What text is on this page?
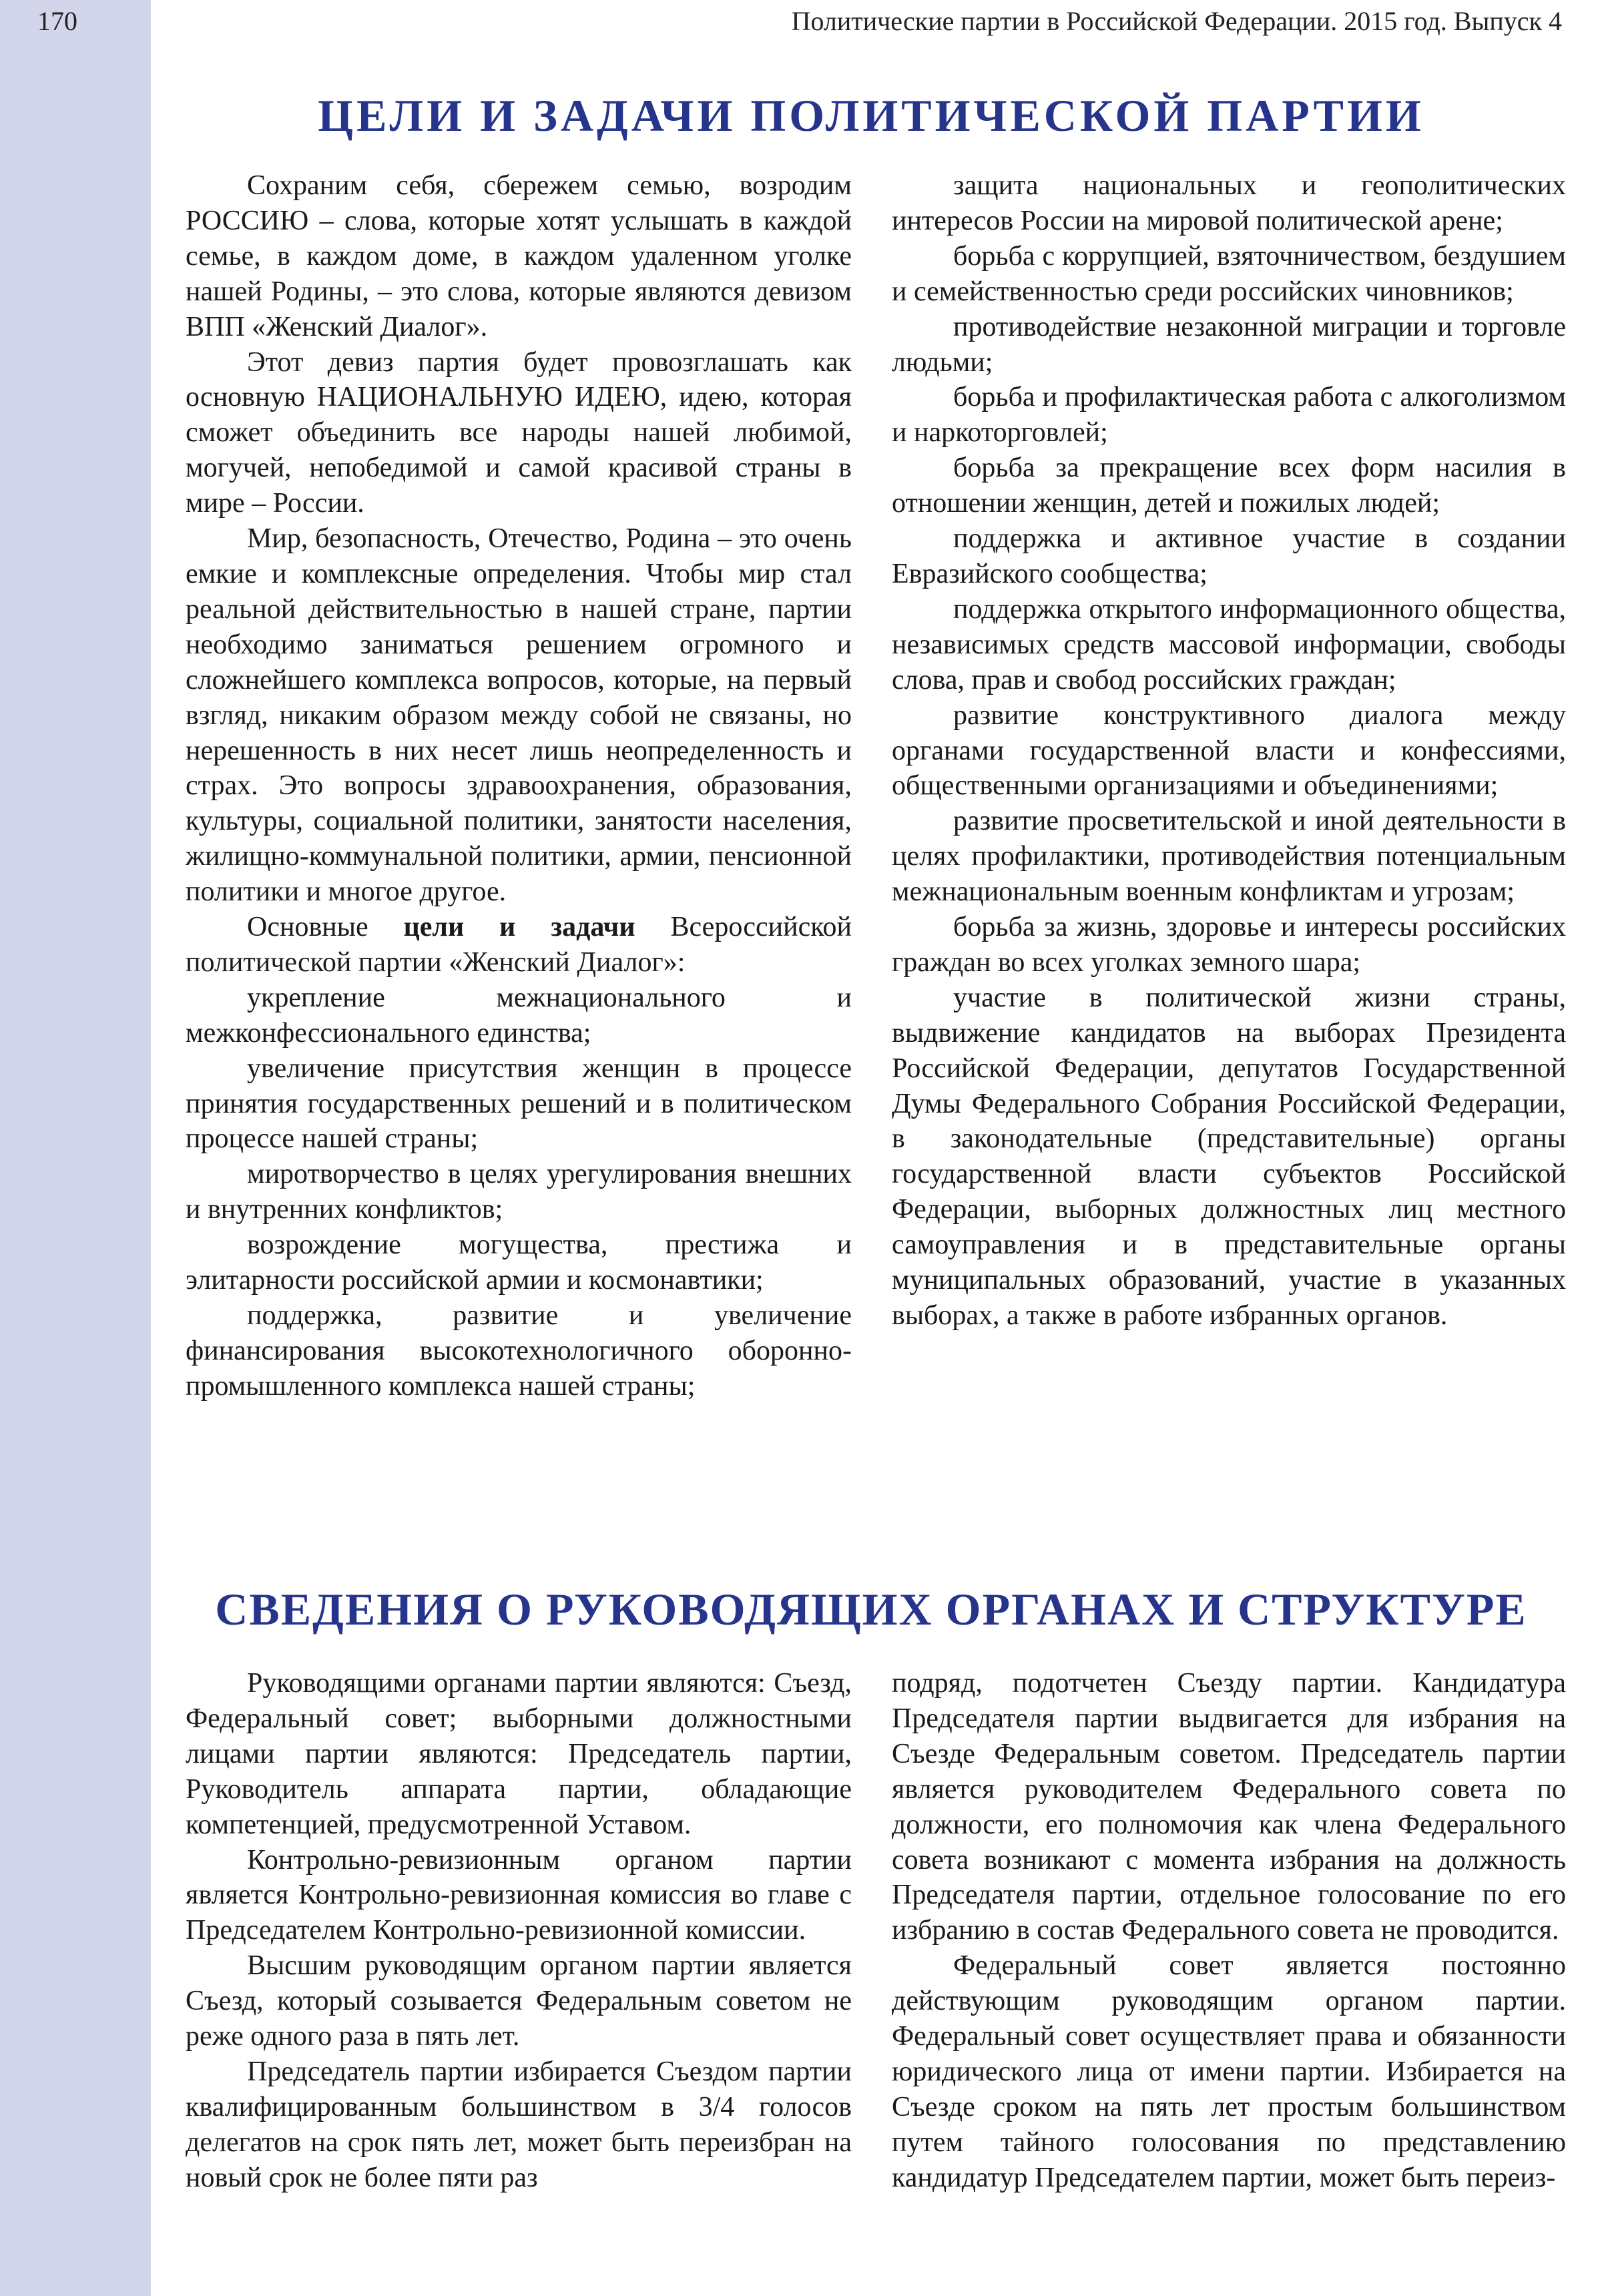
170	Политические партии в Российской Федерации. 2015 год. Выпуск 4
ЦЕЛИ И ЗАДАЧИ ПОЛИТИЧЕСКОЙ ПАРТИИ

Сохраним себя, сбережем семью, возродим РОССИЮ – слова, которые хотят услышать в каждой семье, в каждом доме, в каждом удаленном уголке нашей Родины, – это слова, которые являются девизом ВПП «Женский Диалог».

Этот девиз партия будет провозглашать как основную НАЦИОНАЛЬНУЮ ИДЕЮ, идею, которая сможет объединить все народы нашей любимой, могучей, непобедимой и самой красивой страны в мире – России.

Мир, безопасность, Отечество, Родина – это очень емкие и комплексные определения. Чтобы мир стал реальной действительностью в нашей стране, партии необходимо заниматься решением огромного и сложнейшего комплекса вопросов, которые, на первый взгляд, никаким образом между собой не связаны, но нерешенность в них несет лишь неопределенность и страх. Это вопросы здравоохранения, образования, культуры, социальной политики, занятости населения, жилищно-коммунальной политики, армии, пенсионной политики и многое другое.

Основные цели и задачи Всероссийской политической партии «Женский Диалог»:

укрепление межнационального и межконфессионального единства;

увеличение присутствия женщин в процессе принятия государственных решений и в политическом процессе нашей страны;

миротворчество в целях урегулирования внешних и внутренних конфликтов;

возрождение могущества, престижа и элитарности российской армии и космонавтики;

поддержка, развитие и увеличение финансирования высокотехнологичного оборонно-промышленного комплекса нашей страны;

защита национальных и геополитических интересов России на мировой политической арене;

борьба с коррупцией, взяточничеством, бездушием и семейственностью среди российских чиновников;

противодействие незаконной миграции и торговле людьми;

борьба и профилактическая работа с алкоголизмом и наркоторговлей;

борьба за прекращение всех форм насилия в отношении женщин, детей и пожилых людей;

поддержка и активное участие в создании Евразийского сообщества;

поддержка открытого информационного общества, независимых средств массовой информации, свободы слова, прав и свобод российских граждан;

развитие конструктивного диалога между органами государственной власти и конфессиями, общественными организациями и объединениями;

развитие просветительской и иной деятельности в целях профилактики, противодействия потенциальным межнациональным военным конфликтам и угрозам;

борьба за жизнь, здоровье и интересы российских граждан во всех уголках земного шара;

участие в политической жизни страны, выдвижение кандидатов на выборах Президента Российской Федерации, депутатов Государственной Думы Федерального Собрания Российской Федерации, в законодательные (представительные) органы государственной власти субъектов Российской Федерации, выборных должностных лиц местного самоуправления и в представительные органы муниципальных образований, участие в указанных выборах, а также в работе избранных органов.

СВЕДЕНИЯ О РУКОВОДЯЩИХ ОРГАНАХ И СТРУКТУРЕ

Руководящими органами партии являются: Съезд, Федеральный совет; выборными должностными лицами партии являются: Председатель партии, Руководитель аппарата партии, обладающие компетенцией, предусмотренной Уставом.

Контрольно-ревизионным органом партии является Контрольно-ревизионная комиссия во главе с Председателем Контрольно-ревизионной комиссии.

Высшим руководящим органом партии является Съезд, который созывается Федеральным советом не реже одного раза в пять лет.

Председатель партии избирается Съездом партии квалифицированным большинством в 3/4 голосов делегатов на срок пять лет, может быть переизбран на новый срок не более пяти раз

подряд, подотчетен Съезду партии. Кандидатура Председателя партии выдвигается для избрания на Съезде Федеральным советом. Председатель партии является руководителем Федерального совета по должности, его полномочия как члена Федерального совета возникают с момента избрания на должность Председателя партии, отдельное голосование по его избранию в состав Федерального совета не проводится.

Федеральный совет является постоянно действующим руководящим органом партии. Федеральный совет осуществляет права и обязанности юридического лица от имени партии. Избирается на Съезде сроком на пять лет простым большинством путем тайного голосования по представлению кандидатур Председателем партии, может быть переиз-
